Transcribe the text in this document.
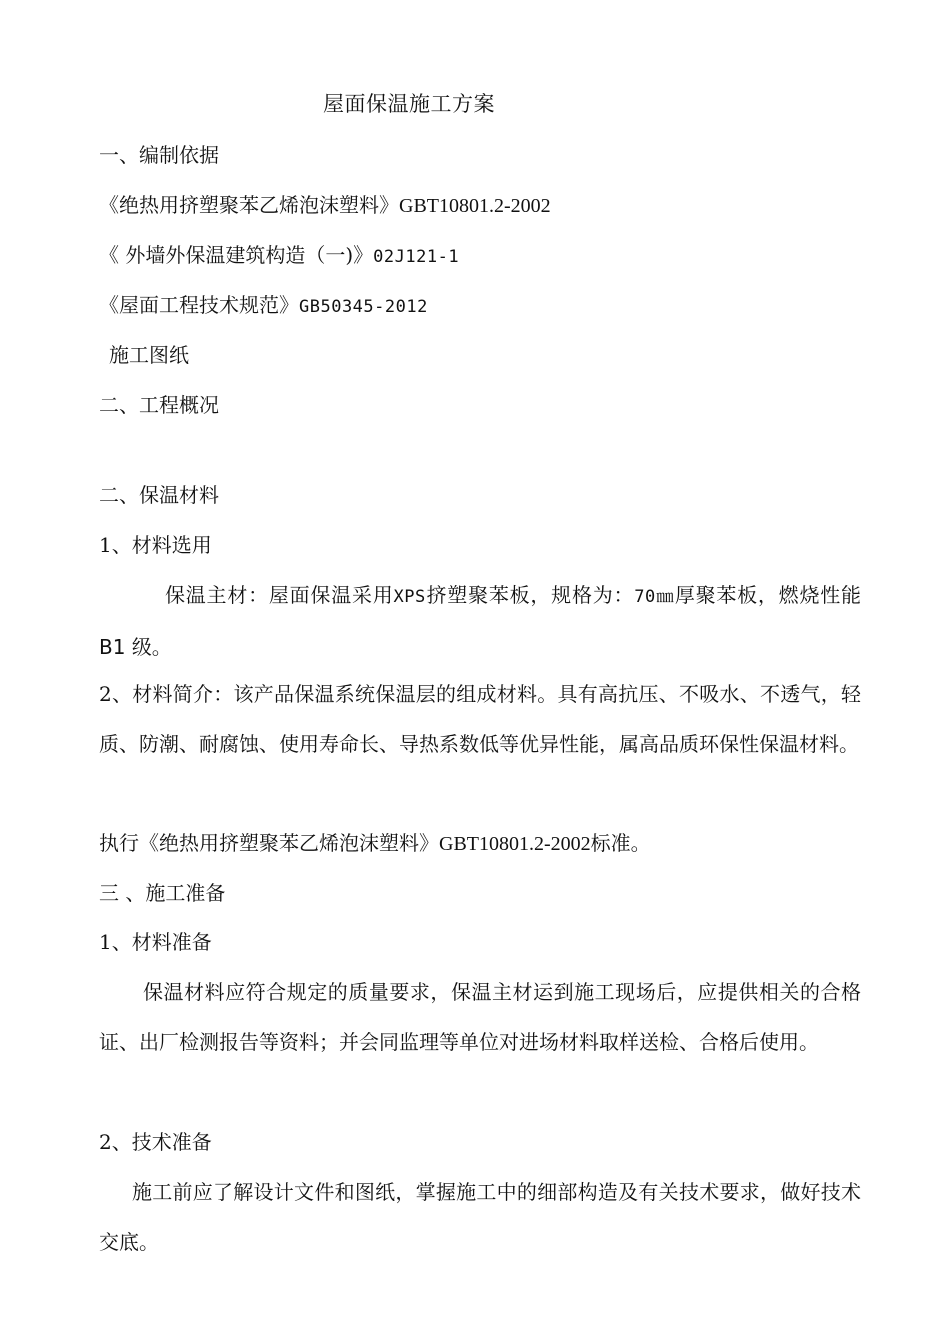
屋面保温施工方案
一、编制依据
《绝热用挤塑聚苯乙烯泡沫塑料》GBT10801.2-2002
《 外墙外保温建筑构造（一)》02J121-1
《屋面工程技术规范》GB50345-2012
施工图纸
二、工程概况
二、保温材料
1、材料选用
保温主材：屋面保温采用XPS挤塑聚苯板，规格为：70㎜厚聚苯板，燃烧性能 B1 级。
2、材料简介：该产品保温系统保温层的组成材料。具有高抗压、不吸水、不透气，轻质、防潮、耐腐蚀、使用寿命长、导热系数低等优异性能，属高品质环保性保温材料。
执行《绝热用挤塑聚苯乙烯泡沫塑料》GBT10801.2-2002标准。
三 、施工准备
1、材料准备
保温材料应符合规定的质量要求，保温主材运到施工现场后，应提供相关的合格证、出厂检测报告等资料；并会同监理等单位对进场材料取样送检、合格后使用。
2、技术准备
施工前应了解设计文件和图纸，掌握施工中的细部构造及有关技术要求，做好技术交底。
